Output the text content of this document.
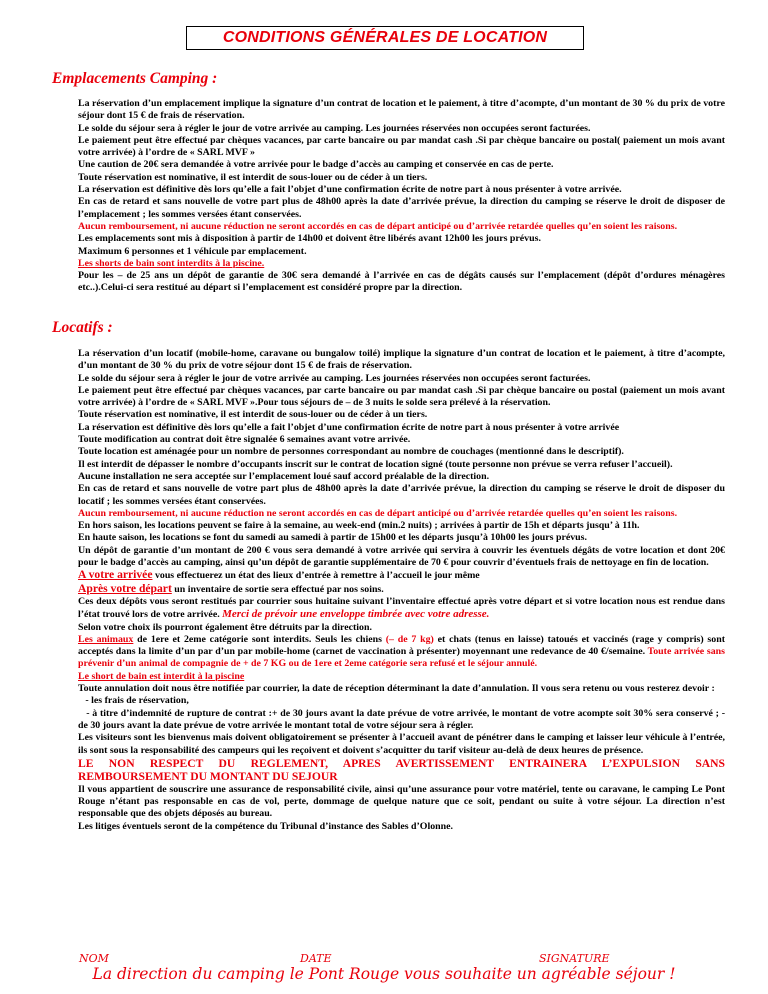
CONDITIONS GÉNÉRALES DE LOCATION
Emplacements Camping :

La réservation d’un emplacement implique la signature d’un contrat de location et le paiement, à titre d’acompte, d’un montant de 30 % du prix de votre séjour dont 15 € de frais de réservation.

Le solde du séjour sera à régler le jour de votre arrivée au camping. Les journées réservées non occupées seront facturées.

Le paiement peut être effectué par chèques vacances, par carte bancaire ou par mandat cash .Si par chèque bancaire ou postal( paiement un mois avant votre arrivée) à l’ordre de « SARL MVF »

Une caution de 20€ sera demandée à votre arrivée pour le badge d’accès au camping et conservée en cas de perte.

Toute réservation est nominative, il est interdit de sous-louer ou de céder à un tiers.

La réservation est définitive dès lors qu’elle a fait l’objet d’une confirmation écrite de notre part à nous présenter à votre arrivée.

En cas de retard et sans nouvelle de votre part plus de 48h00 après la date d’arrivée prévue, la direction du camping se réserve le droit de disposer de l’emplacement ; les sommes versées étant conservées.

Aucun remboursement, ni aucune réduction ne seront accordés en cas de départ anticipé ou d’arrivée retardée quelles qu’en soient les raisons.

Les emplacements sont mis à disposition à partir de 14h00 et doivent être libérés avant 12h00 les jours prévus.

Maximum 6 personnes et 1 véhicule par emplacement.

Les shorts de bain sont interdits à la piscine.

Pour les – de 25 ans un dépôt de garantie de 30€ sera demandé à l’arrivée en cas de dégâts causés sur l’emplacement (dépôt d’ordures ménagères etc..).Celui-ci sera restitué au départ si l’emplacement est considéré propre par la direction.

Locatifs :

La réservation d’un locatif (mobile-home, caravane ou bungalow toilé) implique la signature d’un contrat de location et le paiement, à titre d’acompte, d’un montant de 30 % du prix de votre séjour dont 15 € de frais de réservation.

Le solde du séjour sera à régler le jour de votre arrivée au camping. Les journées réservées non occupées seront facturées.

Le paiement peut être effectué par chèques vacances, par carte bancaire ou par mandat cash .Si par chèque bancaire ou postal (paiement un mois avant votre arrivée) à l’ordre de « SARL MVF ».Pour tous séjours de – de 3 nuits le solde sera prélevé à la réservation.

Toute réservation est nominative, il est interdit de sous-louer ou de céder à un tiers.

La réservation est définitive dès lors qu’elle a fait l’objet d’une confirmation écrite de notre part à nous présenter à votre arrivée

Toute modification au contrat doit être signalée 6 semaines avant votre arrivée.

Toute location est aménagée pour un nombre de personnes correspondant au nombre de couchages (mentionné dans le descriptif).

Il est interdit de dépasser le nombre d’occupants inscrit sur le contrat de location signé (toute personne non prévue se verra refuser l’accueil).

Aucune installation ne sera acceptée sur l’emplacement loué sauf accord préalable de la direction.

En cas de retard et sans nouvelle de votre part plus de 48h00 après la date d’arrivée prévue, la direction du camping se réserve le droit de disposer du locatif ; les sommes versées étant conservées.

Aucun remboursement, ni aucune réduction ne seront accordés en cas de départ anticipé ou d’arrivée retardée quelles qu’en soient les raisons.

En hors saison, les locations peuvent se faire à la semaine, au week-end (min.2 nuits) ; arrivées à partir de 15h et départs jusqu’ à 11h.

En haute saison, les locations se font du samedi au samedi à partir de 15h00 et les départs jusqu’à 10h00 les jours prévus.

Un dépôt de garantie d’un montant de 200 € vous sera demandé à votre arrivée qui servira à couvrir les éventuels dégâts de votre location et dont 20€ pour le badge d’accès au camping, ainsi qu’un dépôt de garantie supplémentaire de 70 € pour couvrir d’éventuels frais de nettoyage en fin de location.

A votre arrivée vous effectuerez un état des lieux d’entrée à remettre à l’accueil le jour même

Après votre départ un inventaire de sortie sera effectué par nos soins.

Ces deux dépôts vous seront restitués par courrier sous huitaine suivant l’inventaire effectué après votre départ et si votre location nous est rendue dans l’état trouvé lors de votre arrivée. Merci de prévoir une enveloppe timbrée avec votre adresse.

Selon votre choix ils pourront également être détruits par la direction.

Les animaux de 1ere et 2eme catégorie sont interdits. Seuls les chiens (– de 7 kg) et chats (tenus en laisse) tatoués et vaccinés (rage y compris) sont acceptés dans la limite d’un par d’un par mobile-home (carnet de vaccination à présenter) moyennant une redevance de 40 €/semaine. Toute arrivée sans prévenir d’un animal de compagnie de + de 7 KG ou de 1ere et 2eme catégorie sera refusé et le séjour annulé.

Le short de bain est interdit à la piscine

Toute annulation doit nous être notifiée par courrier, la date de réception déterminant la date d’annulation. Il vous sera retenu ou vous resterez devoir :

- les frais de réservation,

- à titre d’indemnité de rupture de contrat :+ de 30 jours avant la date prévue de votre arrivée, le montant de votre acompte soit 30% sera conservé ; - de 30 jours avant la date prévue de votre arrivée le montant total de votre séjour sera à régler.

Les visiteurs sont les bienvenus mais doivent obligatoirement se présenter à l’accueil avant de pénétrer dans le camping et laisser leur véhicule à l’entrée, ils sont sous la responsabilité des campeurs qui les reçoivent et doivent s’acquitter du tarif visiteur au-delà de deux heures de présence.

LE NON RESPECT DU REGLEMENT, APRES AVERTISSEMENT ENTRAINERA L’EXPULSION SANS REMBOURSEMENT DU MONTANT DU SEJOUR

Il vous appartient de souscrire une assurance de responsabilité civile, ainsi qu’une assurance pour votre matériel, tente ou caravane, le camping Le Pont Rouge n’étant pas responsable en cas de vol, perte, dommage de quelque nature que ce soit, pendant ou suite à votre séjour. La direction n’est responsable que des objets déposés au bureau.

Les litiges éventuels seront de la compétence du Tribunal d’instance des Sables d’Olonne.

NOM	DATE	SIGNATURE
La direction du camping le Pont Rouge vous souhaite un agréable séjour !
